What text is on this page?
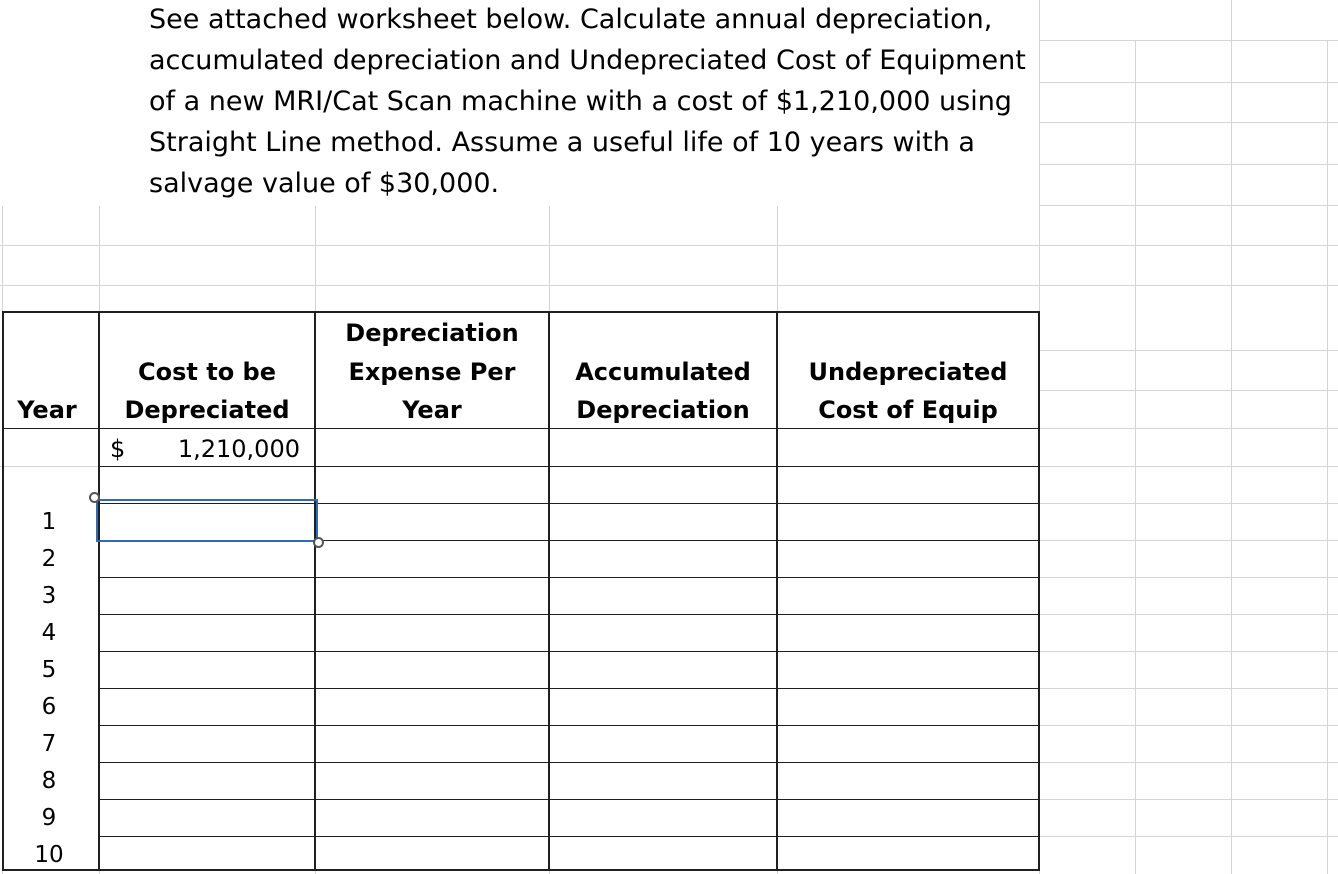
See attached worksheet below. Calculate annual depreciation,
accumulated depreciation and Undepreciated Cost of Equipment
of a new MRI/Cat Scan machine with a cost of $1,210,000 using
Straight Line method. Assume a useful life of 10 years with a
salvage value of $30,000.
Year
Cost to be
Depreciated
Depreciation
Expense Per
Year
Accumulated
Depreciation
Undepreciated
Cost of Equip
$	1,210,000
1
2
3
4
5
6
7
8
9
10
